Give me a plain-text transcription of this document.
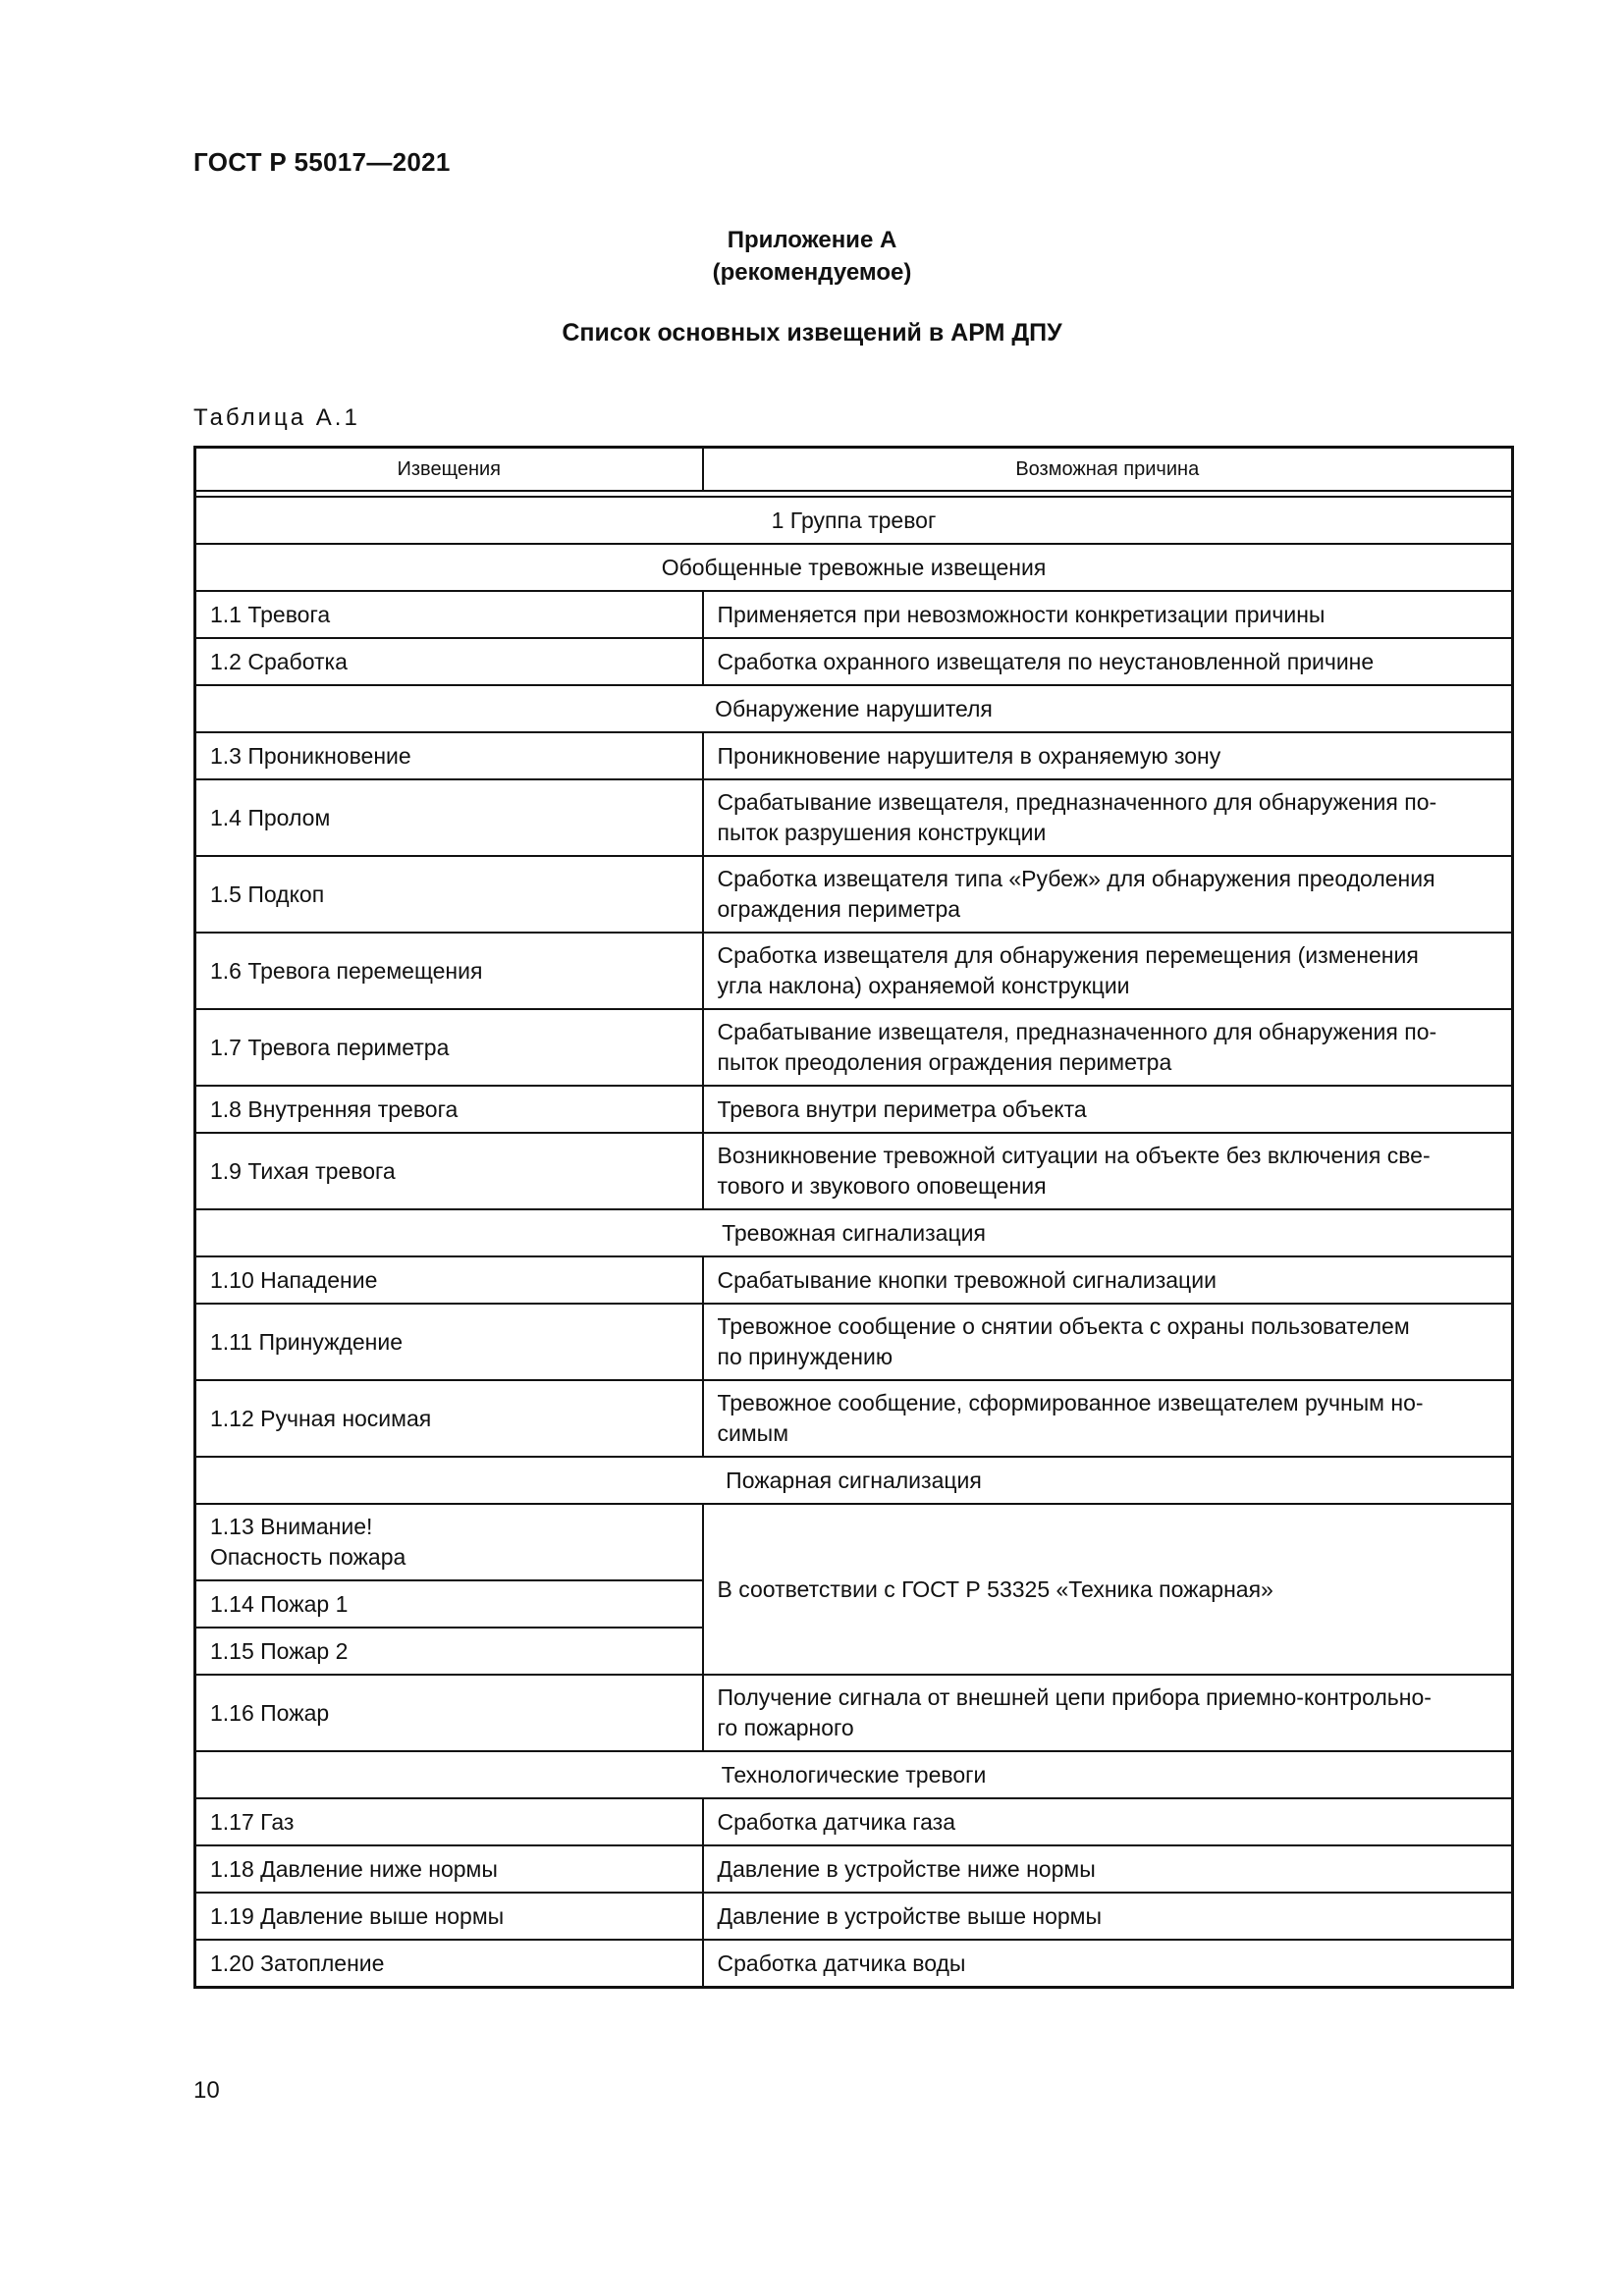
ГОСТ Р 55017—2021
Приложение А
(рекомендуемое)
Список основных извещений в АРМ ДПУ
Таблица А.1
Извещения	Возможная причина

1 Группа тревог	
Обобщенные тревожные извещения	
1.1 Тревога	Применяется при невозможности конкретизации причины
1.2 Сработка	Сработка охранного извещателя по неустановленной причине
Обнаружение нарушителя	
1.3 Проникновение	Проникновение нарушителя в охраняемую зону
1.4 Пролом	Срабатывание извещателя, предназначенного для обнаружения по-
пыток разрушения конструкции
1.5 Подкоп	Сработка извещателя типа «Рубеж» для обнаружения преодоления
ограждения периметра
1.6 Тревога перемещения	Сработка извещателя для обнаружения перемещения (изменения
угла наклона) охраняемой конструкции
1.7 Тревога периметра	Срабатывание извещателя, предназначенного для обнаружения по-
пыток преодоления ограждения периметра
1.8 Внутренняя тревога	Тревога внутри периметра объекта
1.9 Тихая тревога	Возникновение тревожной ситуации на объекте без включения све-
тового и звукового оповещения
Тревожная сигнализация	
1.10 Нападение	Срабатывание кнопки тревожной сигнализации
1.11 Принуждение	Тревожное сообщение о снятии объекта с охраны пользователем
по принуждению
1.12 Ручная носимая	Тревожное сообщение, сформированное извещателем ручным но-
симым
Пожарная сигнализация	
1.13 Внимание!
Опасность пожара	В соответствии с ГОСТ Р 53325 «Техника пожарная»
1.14 Пожар 1	
1.15 Пожар 2	
1.16 Пожар	Получение сигнала от внешней цепи прибора приемно-контрольно-
го пожарного
Технологические тревоги	
1.17 Газ	Сработка датчика газа
1.18 Давление ниже нормы	Давление в устройстве ниже нормы
1.19 Давление выше нормы	Давление в устройстве выше нормы
1.20 Затопление	Сработка датчика воды
10
